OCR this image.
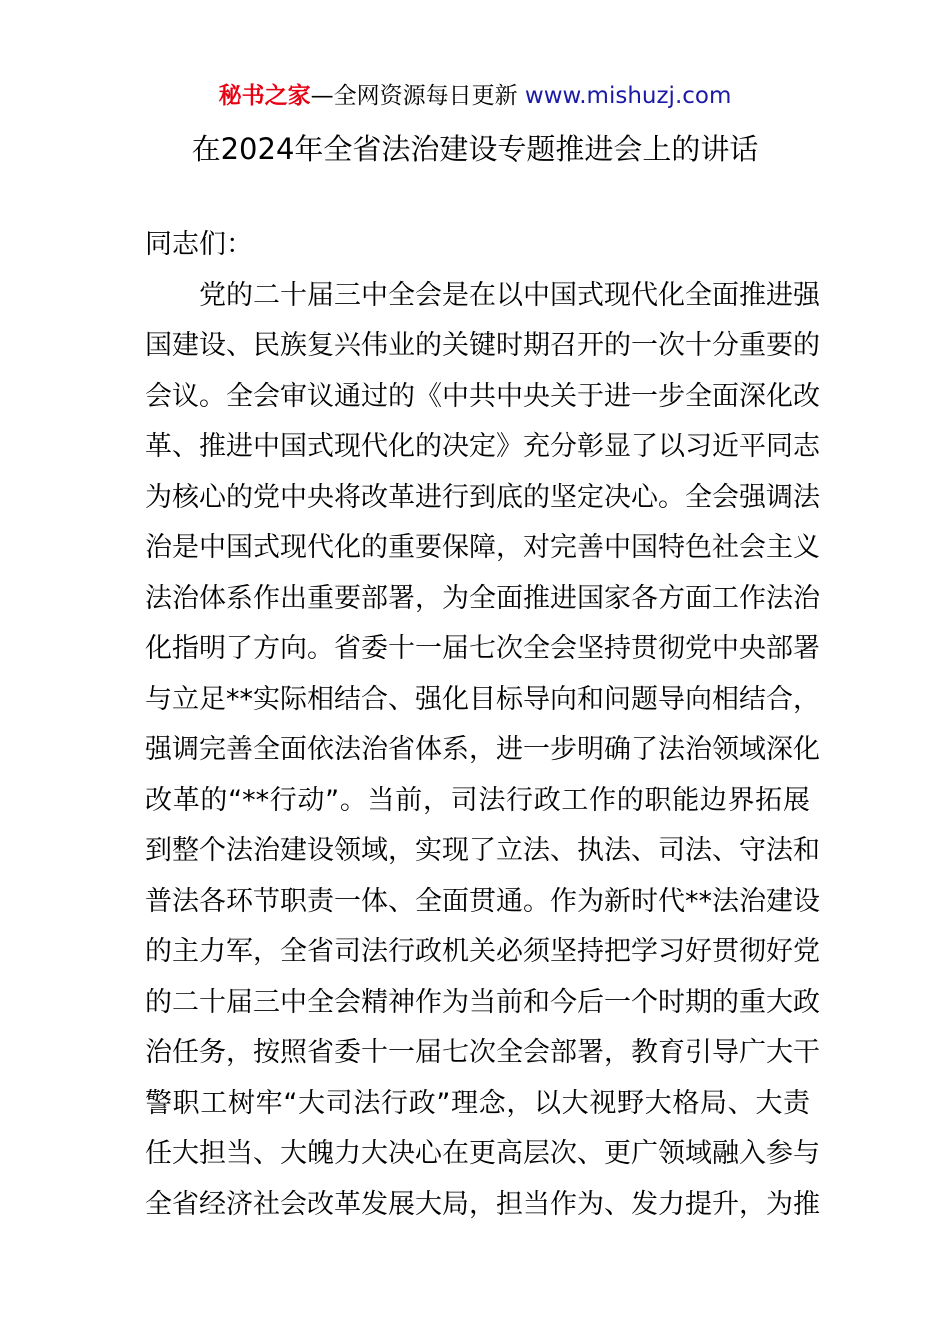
秘书之家—全网资源每日更新 www.mishuzj.com
在2024年全省法治建设专题推进会上的讲话

同志们：

党的二十届三中全会是在以中国式现代化全面推进强

国建设、民族复兴伟业的关键时期召开的一次十分重要的

会议。全会审议通过的《中共中央关于进一步全面深化改

革、推进中国式现代化的决定》充分彰显了以习近平同志

为核心的党中央将改革进行到底的坚定决心。全会强调法

治是中国式现代化的重要保障，对完善中国特色社会主义

法治体系作出重要部署，为全面推进国家各方面工作法治

化指明了方向。省委十一届七次全会坚持贯彻党中央部署

与立足**实际相结合、强化目标导向和问题导向相结合，

强调完善全面依法治省体系，进一步明确了法治领域深化

改革的“**行动”。当前，司法行政工作的职能边界拓展

到整个法治建设领域，实现了立法、执法、司法、守法和

普法各环节职责一体、全面贯通。作为新时代**法治建设

的主力军，全省司法行政机关必须坚持把学习好贯彻好党

的二十届三中全会精神作为当前和今后一个时期的重大政

治任务，按照省委十一届七次全会部署，教育引导广大干

警职工树牢“大司法行政”理念，以大视野大格局、大责

任大担当、大魄力大决心在更高层次、更广领域融入参与

全省经济社会改革发展大局，担当作为、发力提升，为推
